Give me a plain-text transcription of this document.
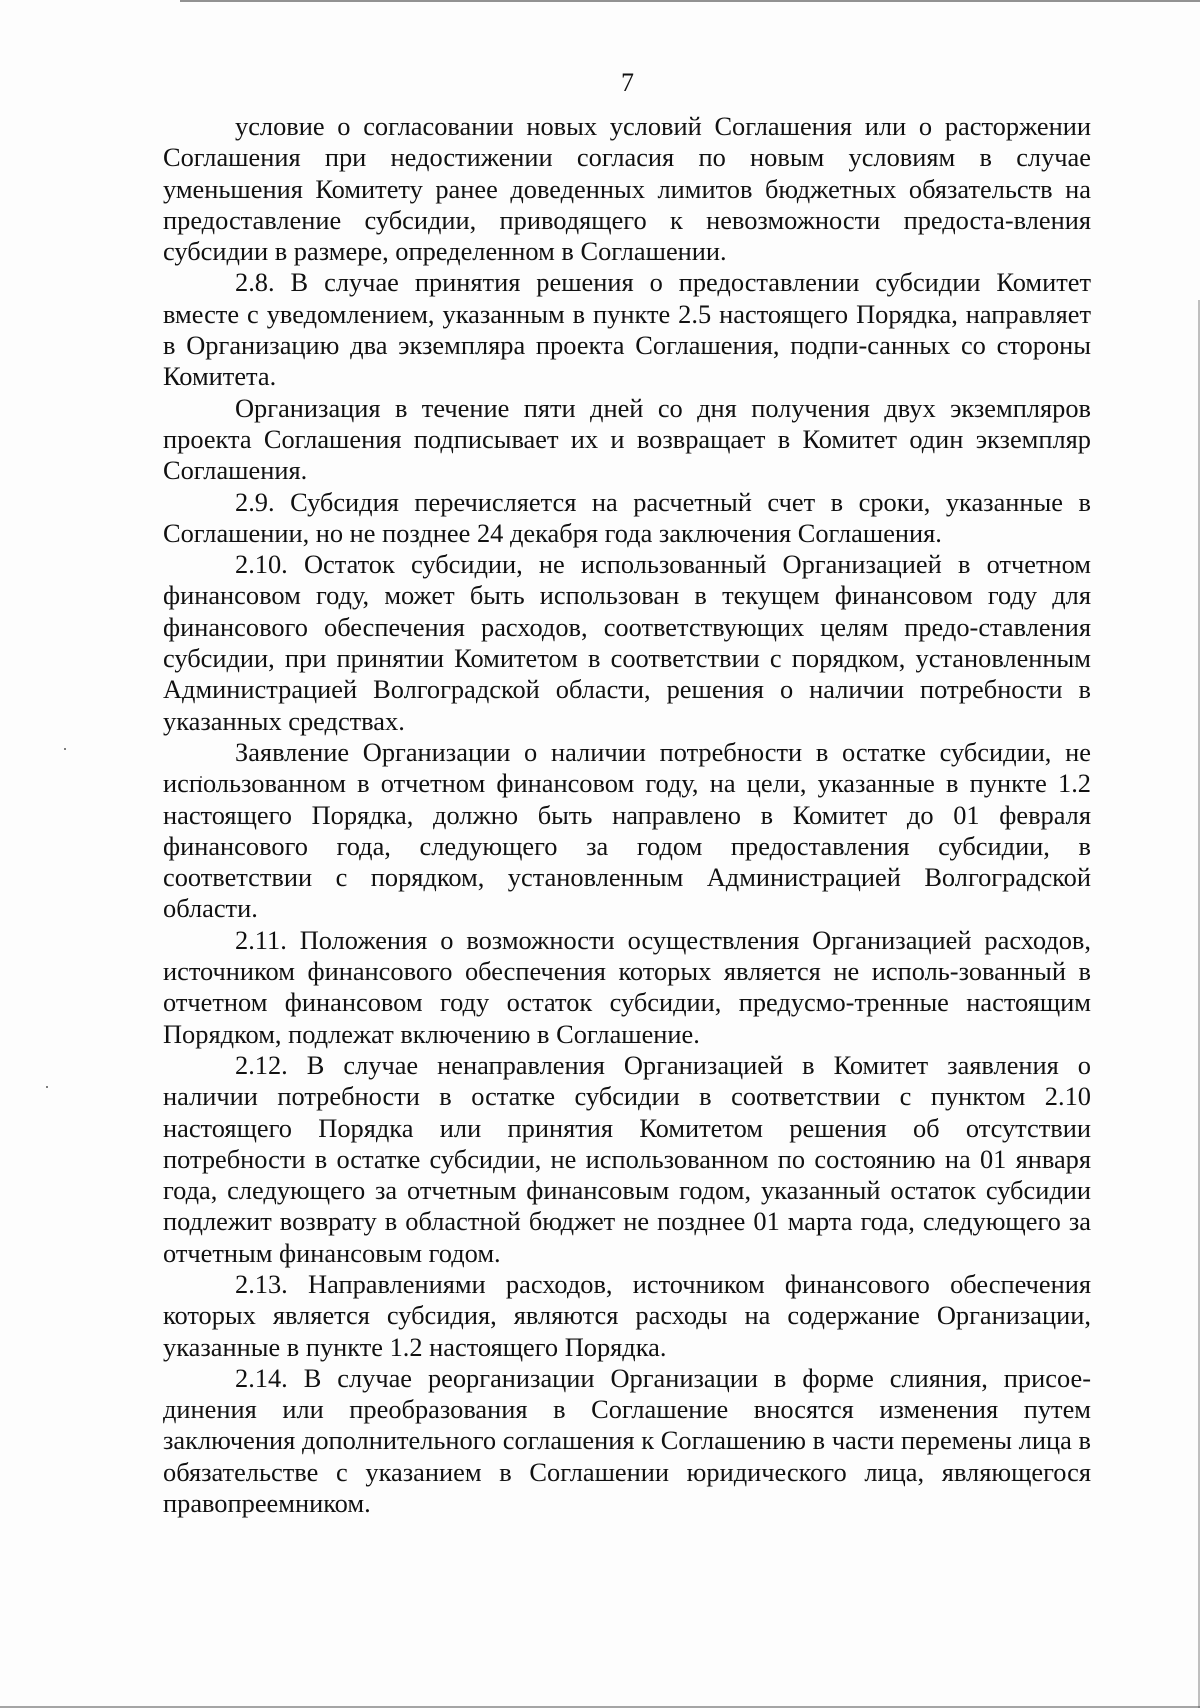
7

условие о согласовании новых условий Соглашения или о расторжении Соглашения при недостижении согласия по новым условиям в случае уменьшения Комитету ранее доведенных лимитов бюджетных обязательств на предоставление субсидии, приводящего к невозможности предоста-вления субсидии в размере, определенном в Соглашении.

2.8. В случае принятия решения о предоставлении субсидии Комитет вместе с уведомлением, указанным в пункте 2.5 настоящего Порядка, направляет в Организацию два экземпляра проекта Соглашения, подпи-санных со стороны Комитета.

Организация в течение пяти дней со дня получения двух экземпляров проекта Соглашения подписывает их и возвращает в Комитет один экземпляр Соглашения.

2.9. Субсидия перечисляется на расчетный счет в сроки, указанные в Соглашении, но не позднее 24 декабря года заключения Соглашения.

2.10. Остаток субсидии, не использованный Организацией в отчетном финансовом году, может быть использован в текущем финансовом году для финансового обеспечения расходов, соответствующих целям предо-ставления субсидии, при принятии Комитетом в соответствии с порядком, установленным Администрацией Волгоградской области, решения о наличии потребности в указанных средствах.

Заявление Организации о наличии потребности в остатке субсидии, не использованном в отчетном финансовом году, на цели, указанные в пункте 1.2 настоящего Порядка, должно быть направлено в Комитет до 01 февраля финансового года, следующего за годом предоставления субсидии, в соответствии с порядком, установленным Администрацией Волгоградской области.

2.11. Положения о возможности осуществления Организацией расходов, источником финансового обеспечения которых является не исполь-зованный в отчетном финансовом году остаток субсидии, предусмо-тренные настоящим Порядком, подлежат включению в Соглашение.

2.12. В случае ненаправления Организацией в Комитет заявления о наличии потребности в остатке субсидии в соответствии с пунктом 2.10 настоящего Порядка или принятия Комитетом решения об отсутствии потребности в остатке субсидии, не использованном по состоянию на 01 января года, следующего за отчетным финансовым годом, указанный остаток субсидии подлежит возврату в областной бюджет не позднее 01 марта года, следующего за отчетным финансовым годом.

2.13. Направлениями расходов, источником финансового обеспечения которых является субсидия, являются расходы на содержание Организации, указанные в пункте 1.2 настоящего Порядка.

2.14. В случае реорганизации Организации в форме слияния, присое-динения или преобразования в Соглашение вносятся изменения путем заключения дополнительного соглашения к Соглашению в части перемены лица в обязательстве с указанием в Соглашении юридического лица, являющегося правопреемником.
